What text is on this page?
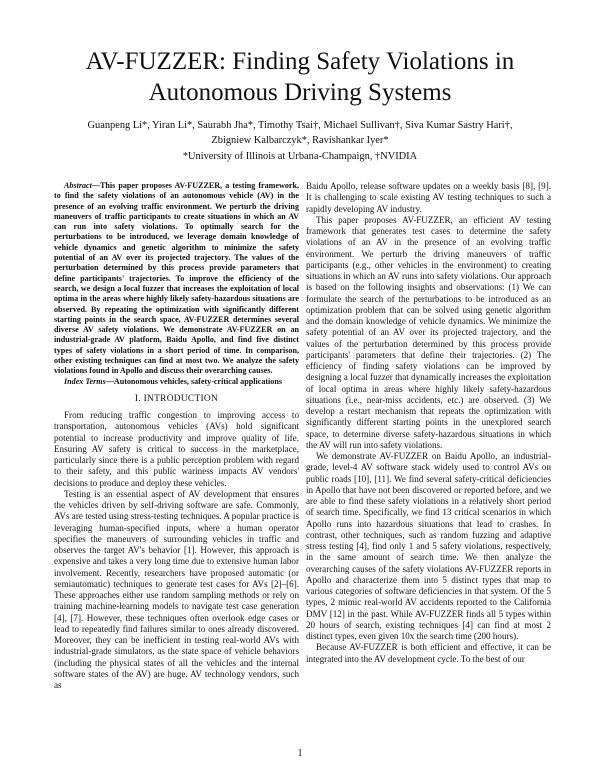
AV-FUZZER: Finding Safety Violations in Autonomous Driving Systems
Guanpeng Li*, Yiran Li*, Saurabh Jha*, Timothy Tsai†, Michael Sullivan†, Siva Kumar Sastry Hari†,
Zbigniew Kalbarczyk*, Ravishankar Iyer*
*University of Illinois at Urbana-Champaign, †NVIDIA

Abstract—This paper proposes AV-FUZZER, a testing framework, to find the safety violations of an autonomous vehicle (AV) in the presence of an evolving traffic environment. We perturb the driving maneuvers of traffic participants to create situations in which an AV can run into safety violations. To optimally search for the perturbations to be introduced, we leverage domain knowledge of vehicle dynamics and genetic algorithm to minimize the safety potential of an AV over its projected trajectory. The values of the perturbation determined by this process provide parameters that define participants' trajectories. To improve the efficiency of the search, we design a local fuzzer that increases the exploitation of local optima in the areas where highly likely safety-hazardous situations are observed. By repeating the optimization with significantly different starting points in the search space, AV-FUZZER determines several diverse AV safety violations. We demonstrate AV-FUZZER on an industrial-grade AV platform, Baidu Apollo, and find five distinct types of safety violations in a short period of time. In comparison, other existing techniques can find at most two. We analyze the safety violations found in Apollo and discuss their overarching causes.

Index Terms—Autonomous vehicles, safety-critical applications

I. INTRODUCTION

From reducing traffic congestion to improving access to transportation, autonomous vehicles (AVs) hold significant potential to increase productivity and improve quality of life. Ensuring AV safety is critical to success in the marketplace, particularly since there is a public perception problem with regard to their safety, and this public wariness impacts AV vendors' decisions to produce and deploy these vehicles.

Testing is an essential aspect of AV development that ensures the vehicles driven by self-driving software are safe. Commonly, AVs are tested using stress-testing techniques. A popular practice is leveraging human-specified inputs, where a human operator specifies the maneuvers of surrounding vehicles in traffic and observes the target AV's behavior [1]. However, this approach is expensive and takes a very long time due to extensive human labor involvement. Recently, researchers have proposed automatic (or semiautomatic) techniques to generate test cases for AVs [2]–[6]. These approaches either use random sampling methods or rely on training machine-learning models to navigate test case generation [4], [7]. However, these techniques often overlook edge cases or lead to repeatedly find failures similar to ones already discovered. Moreover, they can be inefficient in testing real-world AVs with industrial-grade simulators, as the state space of vehicle behaviors (including the physical states of all the vehicles and the internal software states of the AV) are huge. AV technology vendors, such as

Baidu Apollo, release software updates on a weekly basis [8], [9]. It is challenging to scale existing AV testing techniques to such a rapidly developing AV industry.

This paper proposes AV-FUZZER, an efficient AV testing framework that generates test cases to determine the safety violations of an AV in the presence of an evolving traffic environment. We perturb the driving maneuvers of traffic participants (e.g., other vehicles in the environment) to creating situations in which an AV runs into safety violations. Our approach is based on the following insights and observations: (1) We can formulate the search of the perturbations to be introduced as an optimization problem that can be solved using genetic algorithm and the domain knowledge of vehicle dynamics. We minimize the safety potential of an AV over its projected trajectory, and the values of the perturbation determined by this process provide participants' parameters that define their trajectories. (2) The efficiency of finding safety violations can be improved by designing a local fuzzer that dynamically increases the exploitation of local optima in areas where highly likely safety-hazardous situations (i.e., near-miss accidents, etc.) are observed. (3) We develop a restart mechanism that repeats the optimization with significantly different starting points in the unexplored search space, to determine diverse safety-hazardous situations in which the AV will run into safety violations.

We demonstrate AV-FUZZER on Baidu Apollo, an industrial-grade, level-4 AV software stack widely used to control AVs on public roads [10], [11]. We find several safety-critical deficiencies in Apollo that have not been discovered or reported before, and we are able to find these safety violations in a relatively short period of search time. Specifically, we find 13 critical scenarios in which Apollo runs into hazardous situations that lead to crashes. In contrast, other techniques, such as random fuzzing and adaptive stress testing [4], find only 1 and 5 safety violations, respectively, in the same amount of search time. We then analyze the overarching causes of the safety violations AV-FUZZER reports in Apollo and characterize them into 5 distinct types that map to various categories of software deficiencies in that system. Of the 5 types, 2 mimic real-world AV accidents reported to the California DMV [12] in the past. While AV-FUZZER finds all 5 types within 20 hours of search, existing techniques [4] can find at most 2 distinct types, even given 10x the search time (200 hours).

Because AV-FUZZER is both efficient and effective, it can be integrated into the AV development cycle. To the best of our

1
